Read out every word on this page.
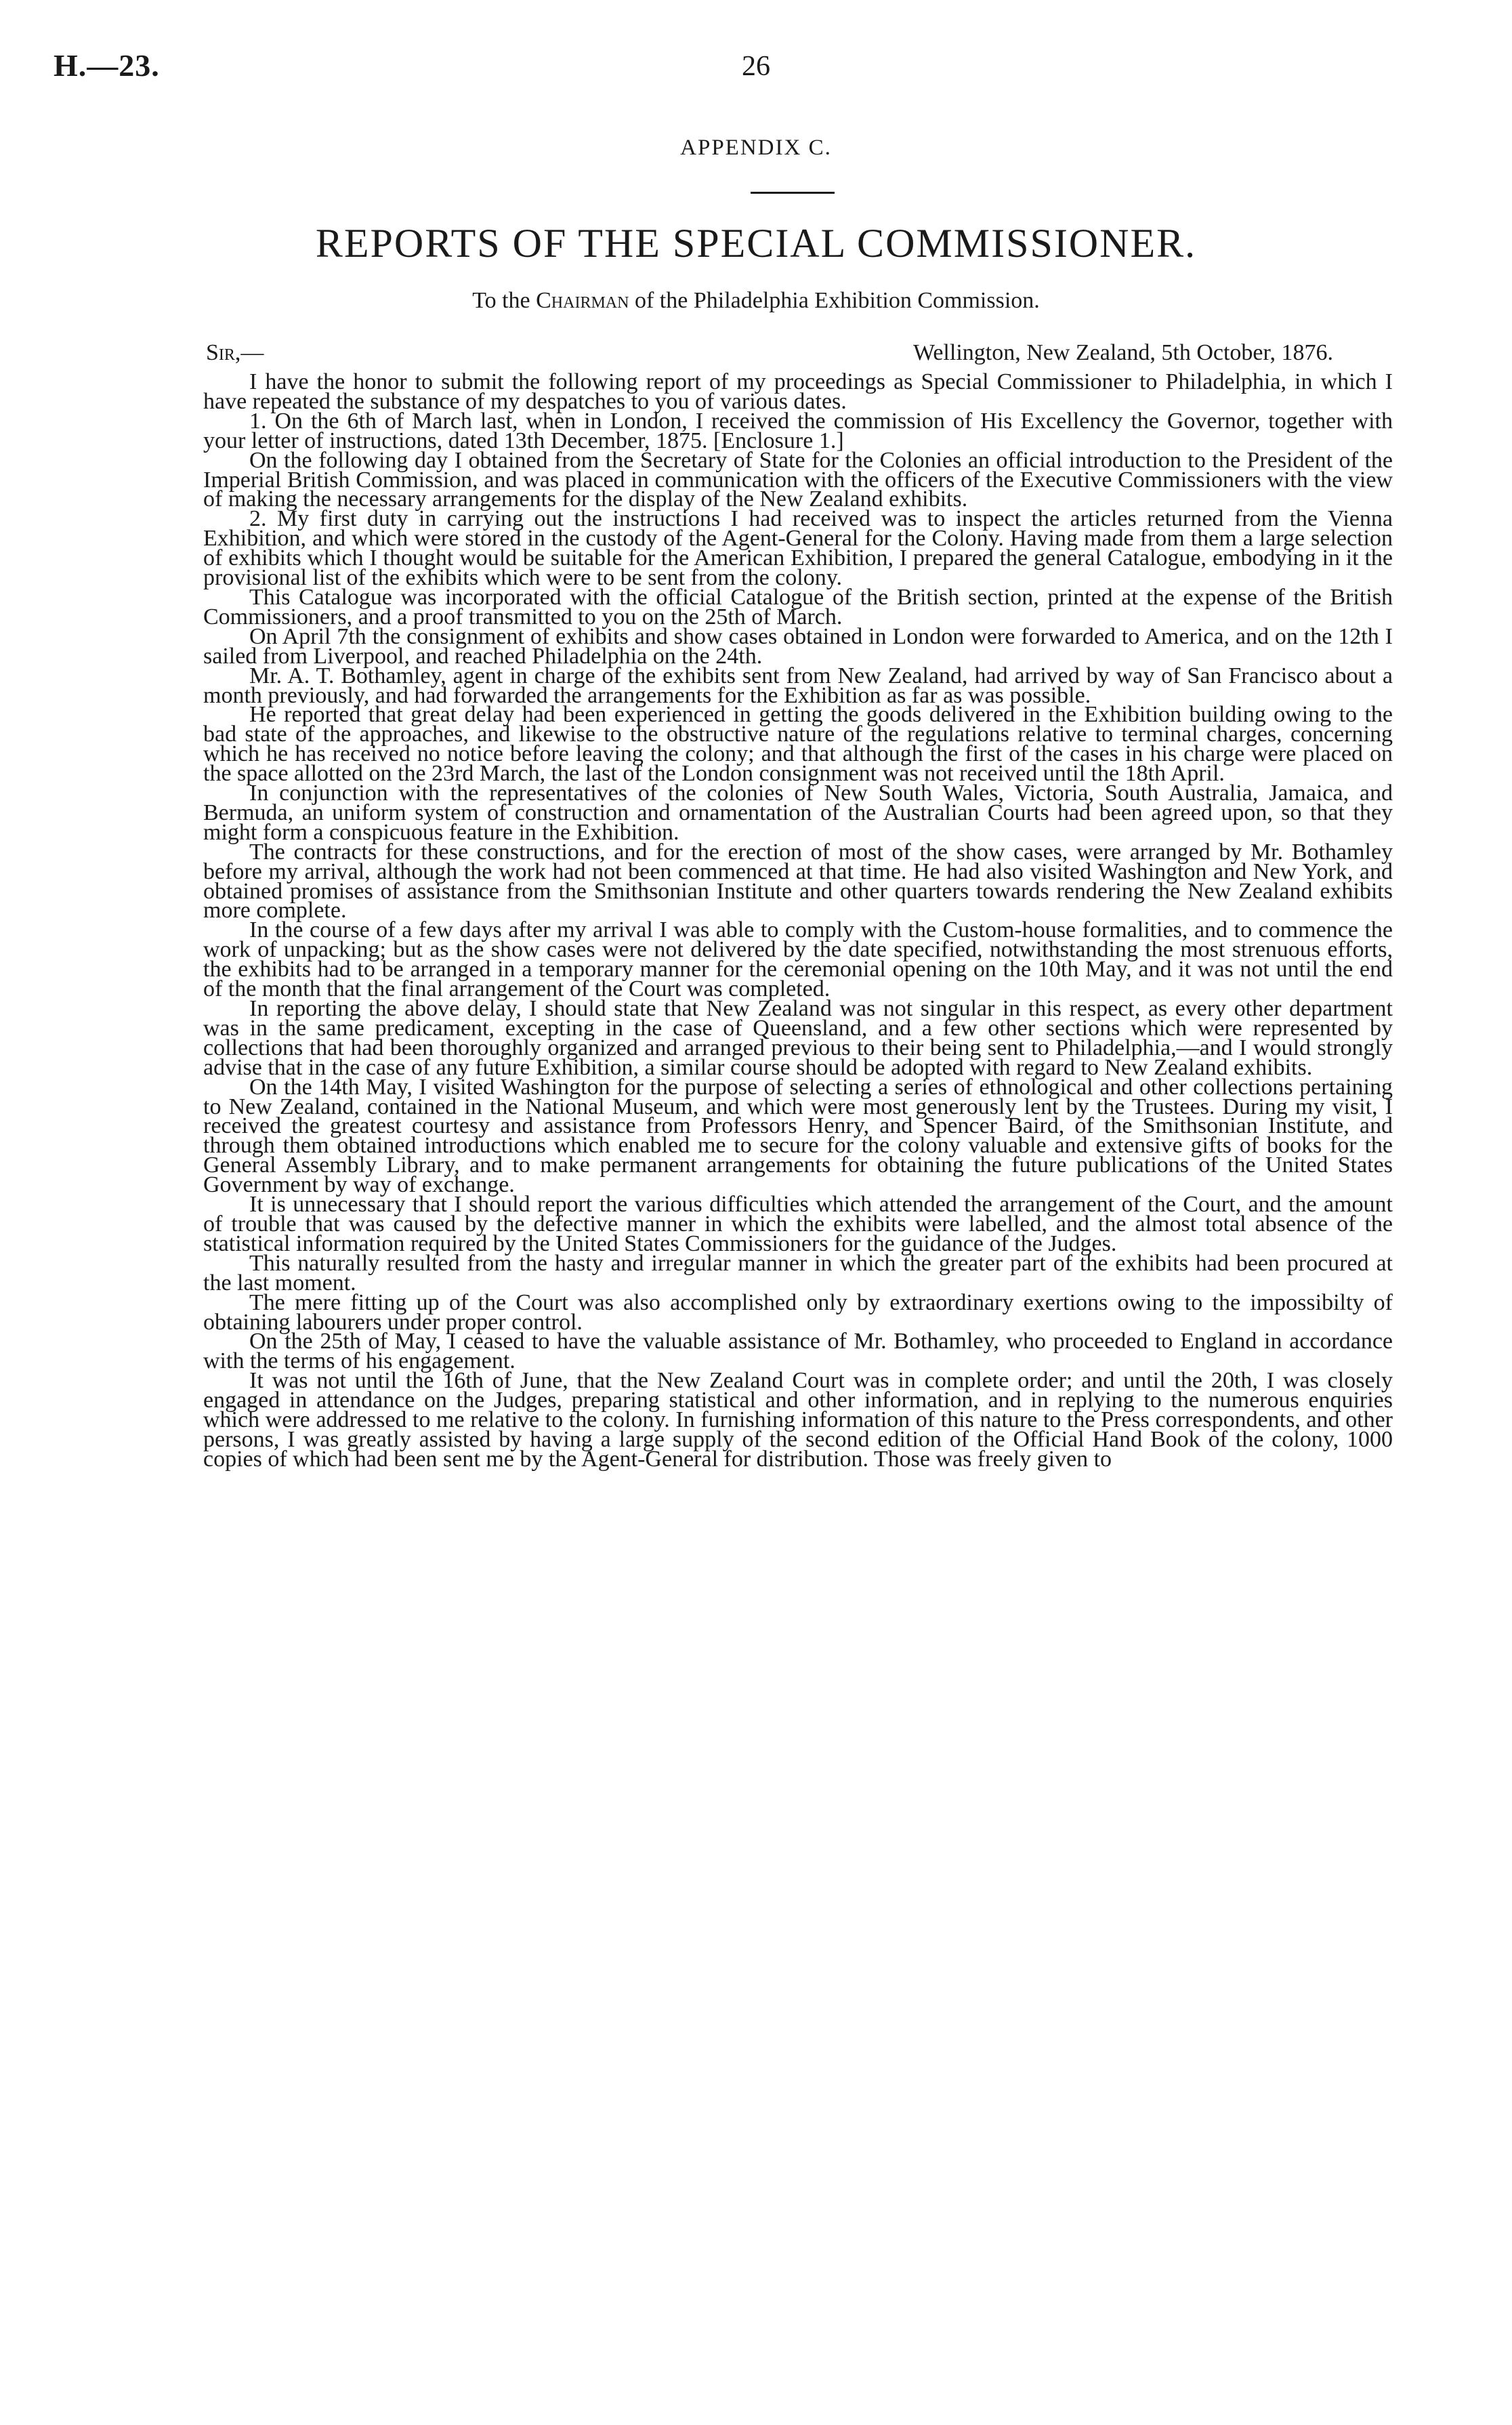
H.—23.	26
APPENDIX C.
REPORTS OF THE SPECIAL COMMISSIONER.
To the Chairman of the Philadelphia Exhibition Commission.
Sir,—	Wellington, New Zealand, 5th October, 1876.

I have the honor to submit the following report of my proceedings as Special Commissioner to Philadelphia, in which I have repeated the substance of my despatches to you of various dates.

1. On the 6th of March last, when in London, I received the commission of His Excellency the Governor, together with your letter of instructions, dated 13th December, 1875. [Enclosure 1.]

On the following day I obtained from the Secretary of State for the Colonies an official introduction to the President of the Imperial British Commission, and was placed in communication with the officers of the Executive Commissioners with the view of making the necessary arrangements for the display of the New Zealand exhibits.

2. My first duty in carrying out the instructions I had received was to inspect the articles returned from the Vienna Exhibition, and which were stored in the custody of the Agent-General for the Colony. Having made from them a large selection of exhibits which I thought would be suitable for the American Exhibition, I prepared the general Catalogue, embodying in it the provisional list of the exhibits which were to be sent from the colony.

This Catalogue was incorporated with the official Catalogue of the British section, printed at the expense of the British Commissioners, and a proof transmitted to you on the 25th of March.

On April 7th the consignment of exhibits and show cases obtained in London were forwarded to America, and on the 12th I sailed from Liverpool, and reached Philadelphia on the 24th.

Mr. A. T. Bothamley, agent in charge of the exhibits sent from New Zealand, had arrived by way of San Francisco about a month previously, and had forwarded the arrangements for the Exhibition as far as was possible.

He reported that great delay had been experienced in getting the goods delivered in the Exhibition building owing to the bad state of the approaches, and likewise to the obstructive nature of the regulations relative to terminal charges, concerning which he has received no notice before leaving the colony; and that although the first of the cases in his charge were placed on the space allotted on the 23rd March, the last of the London consignment was not received until the 18th April.

In conjunction with the representatives of the colonies of New South Wales, Victoria, South Australia, Jamaica, and Bermuda, an uniform system of construction and ornamentation of the Australian Courts had been agreed upon, so that they might form a conspicuous feature in the Exhibition.

The contracts for these constructions, and for the erection of most of the show cases, were arranged by Mr. Bothamley before my arrival, although the work had not been commenced at that time. He had also visited Washington and New York, and obtained promises of assistance from the Smithsonian Institute and other quarters towards rendering the New Zealand exhibits more complete.

In the course of a few days after my arrival I was able to comply with the Custom-house formalities, and to commence the work of unpacking; but as the show cases were not delivered by the date specified, notwithstanding the most strenuous efforts, the exhibits had to be arranged in a temporary manner for the ceremonial opening on the 10th May, and it was not until the end of the month that the final arrangement of the Court was completed.

In reporting the above delay, I should state that New Zealand was not singular in this respect, as every other department was in the same predicament, excepting in the case of Queensland, and a few other sections which were represented by collections that had been thoroughly organized and arranged previous to their being sent to Philadelphia,—and I would strongly advise that in the case of any future Exhibition, a similar course should be adopted with regard to New Zealand exhibits.

On the 14th May, I visited Washington for the purpose of selecting a series of ethnological and other collections pertaining to New Zealand, contained in the National Museum, and which were most generously lent by the Trustees. During my visit, I received the greatest courtesy and assistance from Professors Henry, and Spencer Baird, of the Smithsonian Institute, and through them obtained introductions which enabled me to secure for the colony valuable and extensive gifts of books for the General Assembly Library, and to make permanent arrangements for obtaining the future publications of the United States Government by way of exchange.

It is unnecessary that I should report the various difficulties which attended the arrangement of the Court, and the amount of trouble that was caused by the defective manner in which the exhibits were labelled, and the almost total absence of the statistical information required by the United States Commissioners for the guidance of the Judges.

This naturally resulted from the hasty and irregular manner in which the greater part of the exhibits had been procured at the last moment.

The mere fitting up of the Court was also accomplished only by extraordinary exertions owing to the impossibilty of obtaining labourers under proper control.

On the 25th of May, I ceased to have the valuable assistance of Mr. Bothamley, who proceeded to England in accordance with the terms of his engagement.

It was not until the 16th of June, that the New Zealand Court was in complete order; and until the 20th, I was closely engaged in attendance on the Judges, preparing statistical and other information, and in replying to the numerous enquiries which were addressed to me relative to the colony. In furnishing information of this nature to the Press correspondents, and other persons, I was greatly assisted by having a large supply of the second edition of the Official Hand Book of the colony, 1000 copies of which had been sent me by the Agent-General for distribution. Those was freely given to
